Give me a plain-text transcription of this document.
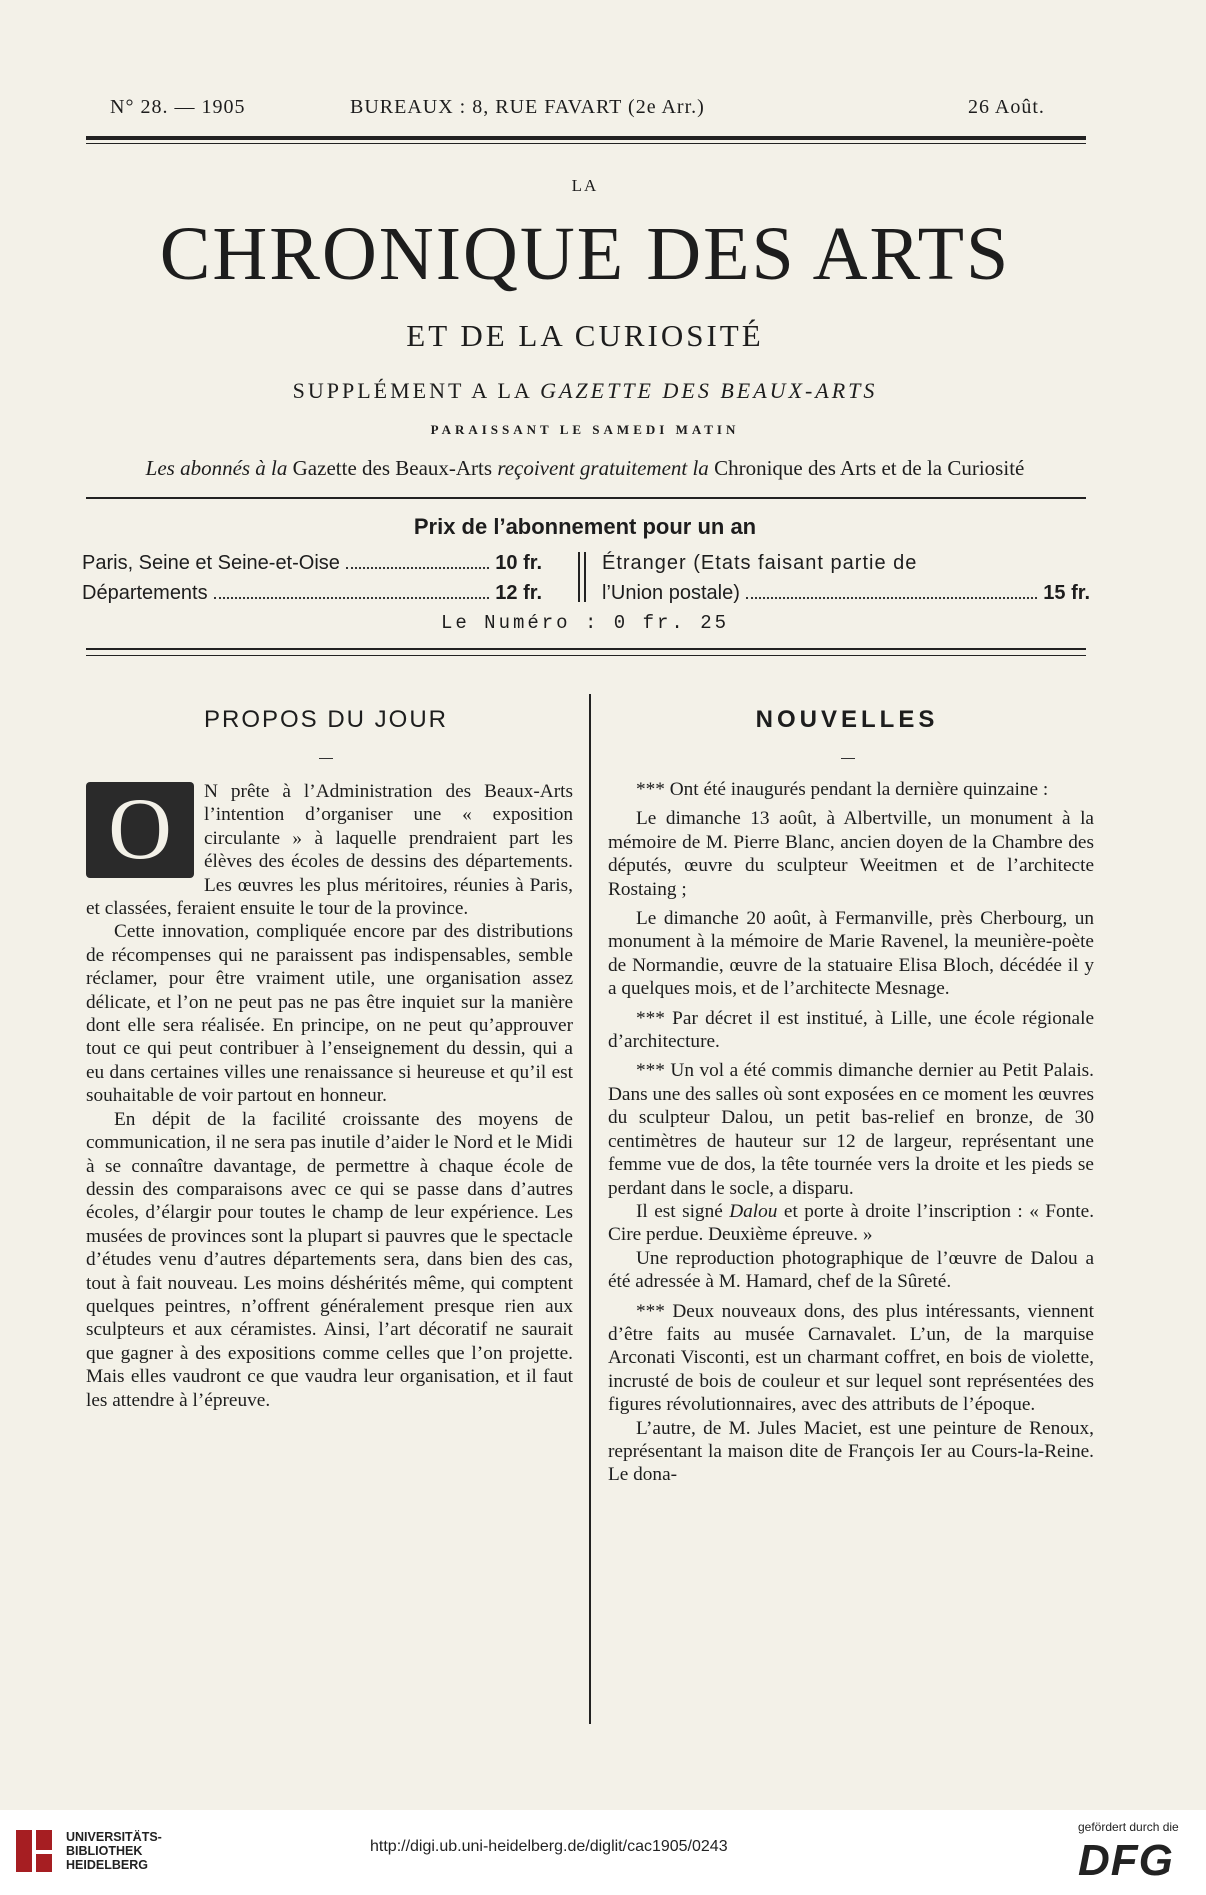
N° 28. — 1905	BUREAUX : 8, RUE FAVART (2e Arr.)	26 Août.
LA
CHRONIQUE DES ARTS
ET DE LA CURIOSITÉ
SUPPLÉMENT A LA GAZETTE DES BEAUX-ARTS
PARAISSANT LE SAMEDI MATIN
Les abonnés à la Gazette des Beaux-Arts reçoivent gratuitement la Chronique des Arts et de la Curiosité
Prix de l’abonnement pour un an
Paris, Seine et Seine-et-Oise	10 fr.
Départements	12 fr.
Étranger (Etats faisant partie de
l’Union postale)	15 fr.
Le Numéro : 0 fr. 25
PROPOS DU JOUR
O	N prête à l’Administration des Beaux-Arts l’intention d’organiser une « exposition circulante » à laquelle prendraient part les élèves des écoles de dessins des départements. Les œuvres les plus méritoires, réunies à Paris, et classées, feraient ensuite le tour de la province.

Cette innovation, compliquée encore par des distributions de récompenses qui ne paraissent pas indispensables, semble réclamer, pour être vraiment utile, une organisation assez délicate, et l’on ne peut pas ne pas être inquiet sur la manière dont elle sera réalisée. En principe, on ne peut qu’approuver tout ce qui peut contribuer à l’enseignement du dessin, qui a eu dans certaines villes une renaissance si heureuse et qu’il est souhaitable de voir partout en honneur.

En dépit de la facilité croissante des moyens de communication, il ne sera pas inutile d’aider le Nord et le Midi à se connaître davantage, de permettre à chaque école de dessin des comparaisons avec ce qui se passe dans d’autres écoles, d’élargir pour toutes le champ de leur expérience. Les musées de provinces sont la plupart si pauvres que le spectacle d’études venu d’autres départements sera, dans bien des cas, tout à fait nouveau. Les moins déshérités même, qui comptent quelques peintres, n’offrent généralement presque rien aux sculpteurs et aux céramistes. Ainsi, l’art décoratif ne saurait que gagner à des expositions comme celles que l’on projette. Mais elles vaudront ce que vaudra leur organisation, et il faut les attendre à l’épreuve.

NOUVELLES

*** Ont été inaugurés pendant la dernière quinzaine :

Le dimanche 13 août, à Albertville, un monument à la mémoire de M. Pierre Blanc, ancien doyen de la Chambre des députés, œuvre du sculpteur Weeitmen et de l’architecte Rostaing ;

Le dimanche 20 août, à Fermanville, près Cherbourg, un monument à la mémoire de Marie Ravenel, la meunière-poète de Normandie, œuvre de la statuaire Elisa Bloch, décédée il y a quelques mois, et de l’architecte Mesnage.

*** Par décret il est institué, à Lille, une école régionale d’architecture.

*** Un vol a été commis dimanche dernier au Petit Palais. Dans une des salles où sont exposées en ce moment les œuvres du sculpteur Dalou, un petit bas-relief en bronze, de 30 centimètres de hauteur sur 12 de largeur, représentant une femme vue de dos, la tête tournée vers la droite et les pieds se perdant dans le socle, a disparu.

Il est signé Dalou et porte à droite l’inscription : « Fonte. Cire perdue. Deuxième épreuve. »

Une reproduction photographique de l’œuvre de Dalou a été adressée à M. Hamard, chef de la Sûreté.

*** Deux nouveaux dons, des plus intéressants, viennent d’être faits au musée Carnavalet. L’un, de la marquise Arconati Visconti, est un charmant coffret, en bois de violette, incrusté de bois de couleur et sur lequel sont représentées des figures révolutionnaires, avec des attributs de l’époque.

L’autre, de M. Jules Maciet, est une peinture de Renoux, représentant la maison dite de François Ier au Cours-la-Reine. Le dona-

UNIVERSITÄTS-
BIBLIOTHEK
HEIDELBERG
http://digi.ub.uni-heidelberg.de/diglit/cac1905/0243
gefördert durch die
DFG
